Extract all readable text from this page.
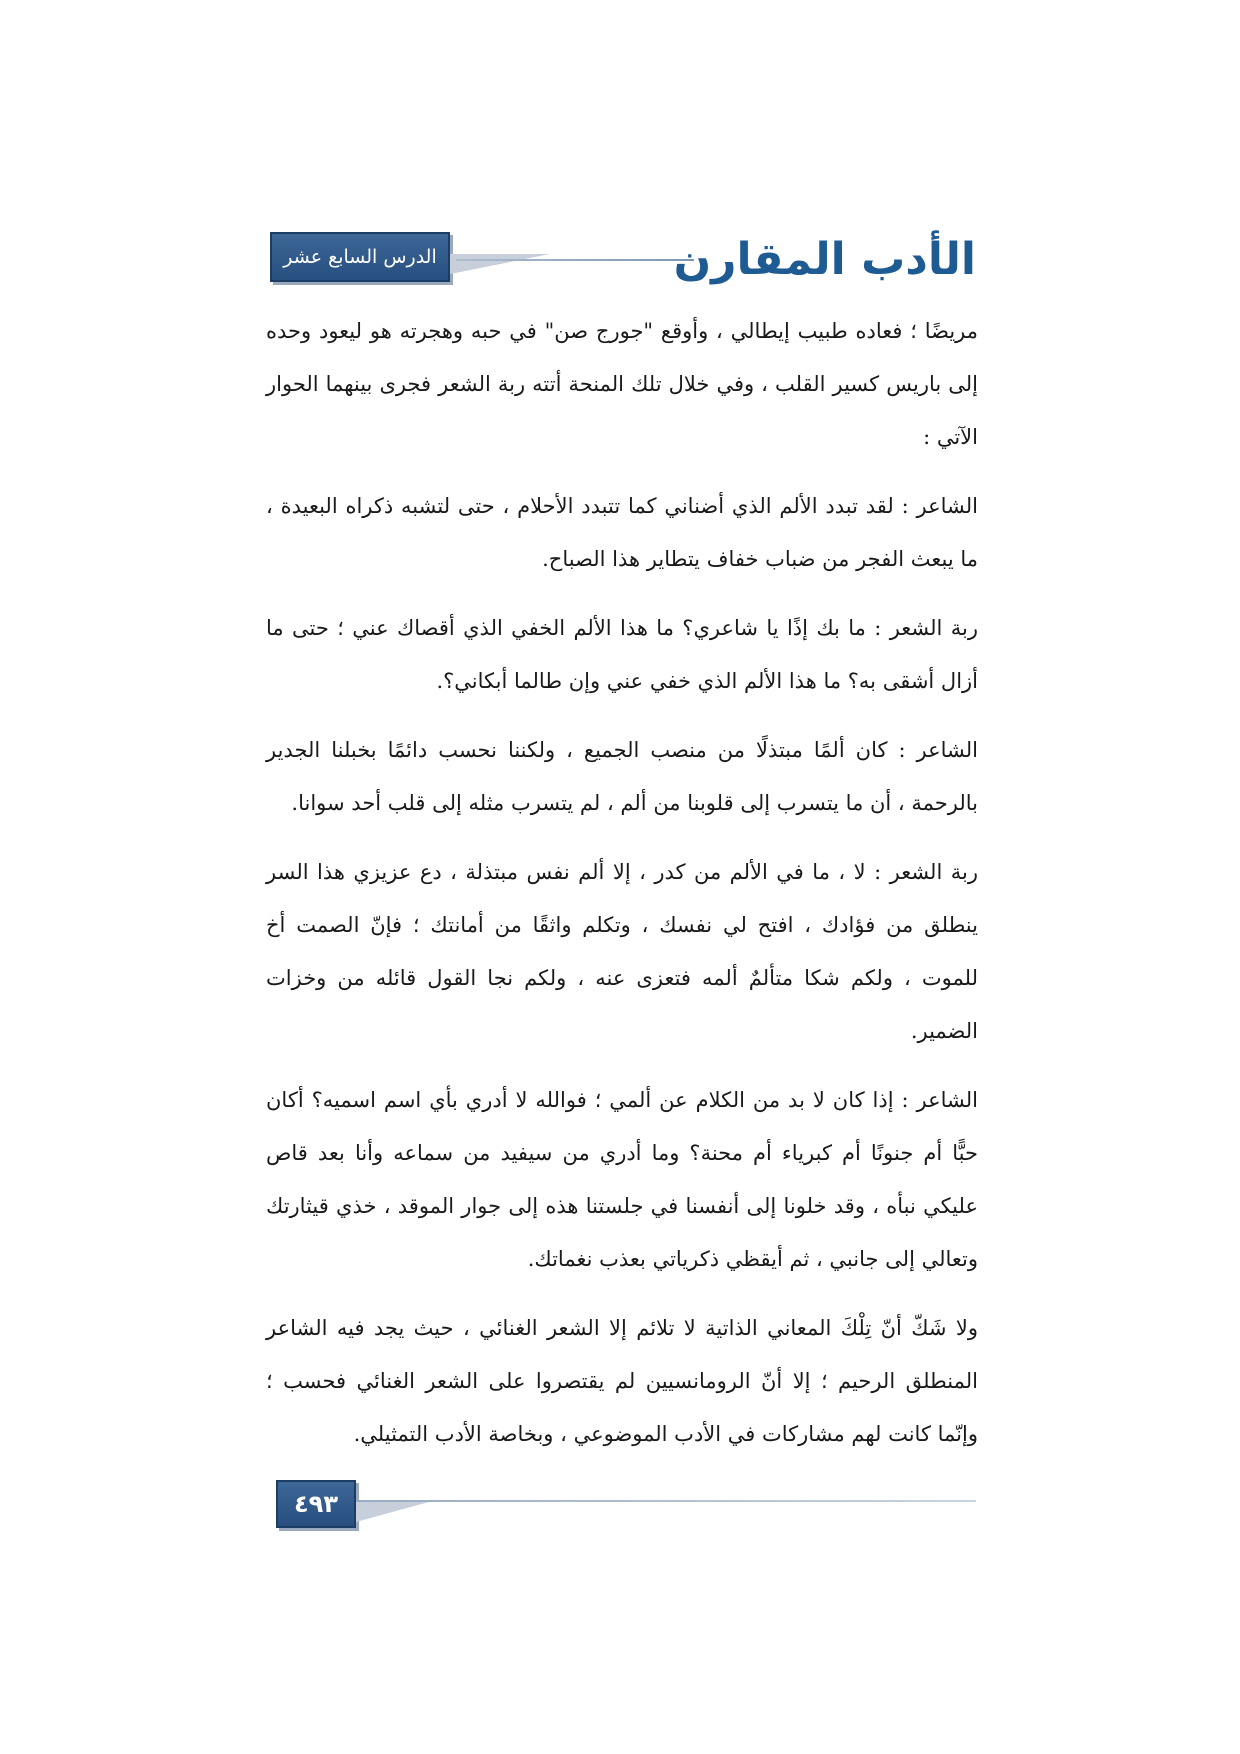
الدرس السابع عشر	الأدب المقارن

مريضًا ؛ فعاده طبيب إيطالي ، وأوقع "جورج صن" في حبه وهجرته هو ليعود وحده إلى باريس كسير القلب ، وفي خلال تلك المنحة أتته ربة الشعر فجرى بينهما الحوار الآتي :

الشاعر : لقد تبدد الألم الذي أضناني كما تتبدد الأحلام ، حتى لتشبه ذكراه البعيدة ، ما يبعث الفجر من ضباب خفاف يتطاير هذا الصباح.

ربة الشعر : ما بك إذًا يا شاعري؟ ما هذا الألم الخفي الذي أقصاك عني ؛ حتى ما أزال أشقى به؟ ما هذا الألم الذي خفي عني وإن طالما أبكاني؟.

الشاعر : كان ألمًا مبتذلًا من منصب الجميع ، ولكننا نحسب دائمًا بخبلنا الجدير بالرحمة ، أن ما يتسرب إلى قلوبنا من ألم ، لم يتسرب مثله إلى قلب أحد سوانا.

ربة الشعر : لا ، ما في الألم من كدر ، إلا ألم نفس مبتذلة ، دع عزيزي هذا السر ينطلق من فؤادك ، افتح لي نفسك ، وتكلم واثقًا من أمانتك ؛ فإنّ الصمت أخ للموت ، ولكم شكا متألمٌ ألمه فتعزى عنه ، ولكم نجا القول قائله من وخزات الضمير.

الشاعر : إذا كان لا بد من الكلام عن ألمي ؛ فوالله لا أدري بأي اسم اسميه؟ أكان حبًّا أم جنونًا أم كبرياء أم محنة؟ وما أدري من سيفيد من سماعه وأنا بعد قاص عليكي نبأه ، وقد خلونا إلى أنفسنا في جلستنا هذه إلى جوار الموقد ، خذي قيثارتك وتعالي إلى جانبي ، ثم أيقظي ذكرياتي بعذب نغماتك.

ولا شَكّ أنّ تِلْكَ المعاني الذاتية لا تلائم إلا الشعر الغنائي ، حيث يجد فيه الشاعر المنطلق الرحيم ؛ إلا أنّ الرومانسيين لم يقتصروا على الشعر الغنائي فحسب ؛ وإنّما كانت لهم مشاركات في الأدب الموضوعي ، وبخاصة الأدب التمثيلي.

٤٩٣
